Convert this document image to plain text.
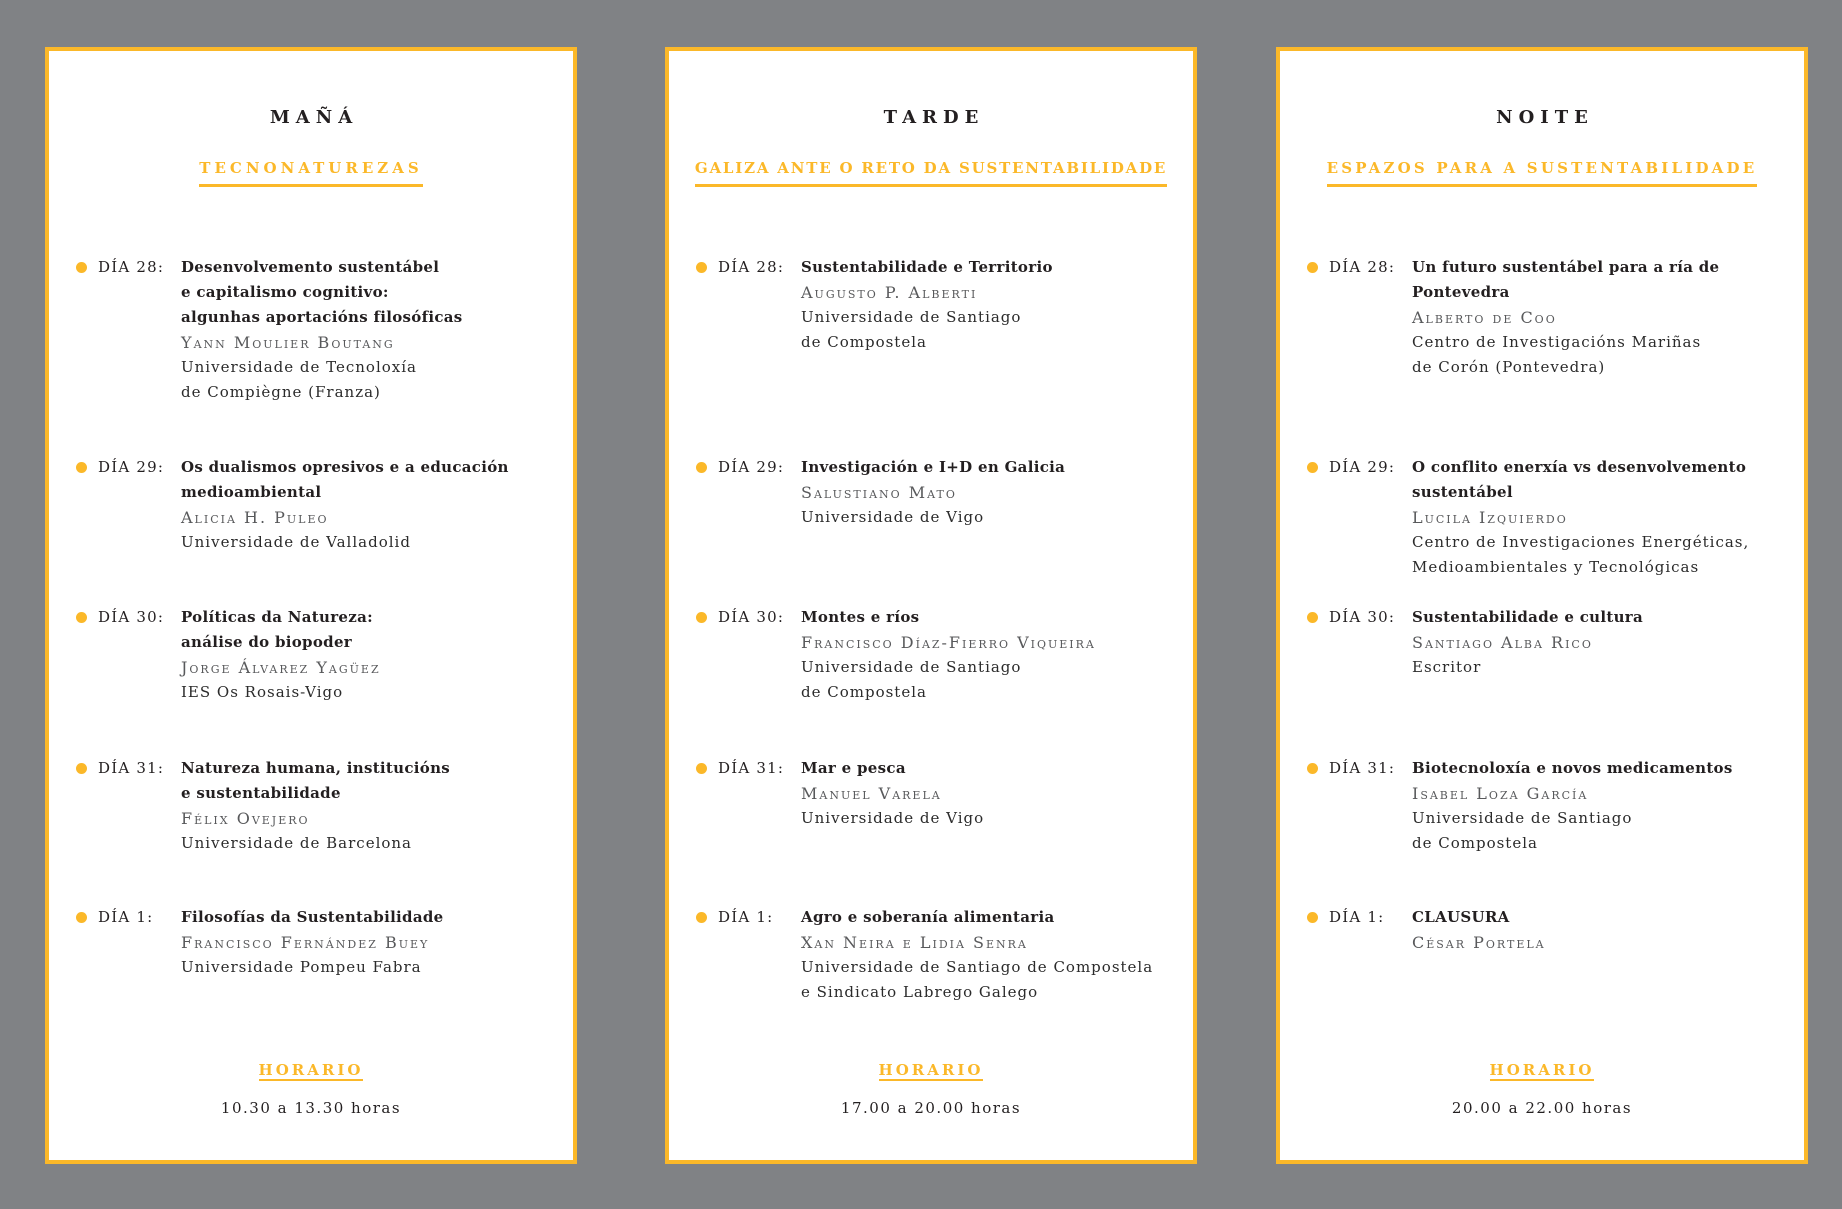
MAÑÁ
TECNONATUREZAS
DÍA 28: Desenvolvemento sustentábel
e capitalismo cognitivo:
algunhas aportacións filosóficas
Yann Moulier Boutang
Universidade de Tecnoloxía
de Compiègne (Franza)
DÍA 29: Os dualismos opresivos e a educación
medioambiental
Alicia H. Puleo
Universidade de Valladolid
DÍA 30: Políticas da Natureza:
análise do biopoder
Jorge Álvarez Yagüez
IES Os Rosais-Vigo
DÍA 31: Natureza humana, institucións
e sustentabilidade
Félix Ovejero
Universidade de Barcelona
DÍA 1: Filosofías da Sustentabilidade
Francisco Fernández Buey
Universidade Pompeu Fabra
HORARIO
10.30 a 13.30 horas
TARDE
GALIZA ANTE O RETO DA SUSTENTABILIDADE
DÍA 28: Sustentabilidade e Territorio
Augusto P. Alberti
Universidade de Santiago
de Compostela
DÍA 29: Investigación e I+D en Galicia
Salustiano Mato
Universidade de Vigo
DÍA 30: Montes e ríos
Francisco Díaz-Fierro Viqueira
Universidade de Santiago
de Compostela
DÍA 31: Mar e pesca
Manuel Varela
Universidade de Vigo
DÍA 1: Agro e soberanía alimentaria
Xan Neira e Lidia Senra
Universidade de Santiago de Compostela
e Sindicato Labrego Galego
HORARIO
17.00 a 20.00 horas
NOITE
ESPAZOS PARA A SUSTENTABILIDADE
DÍA 28: Un futuro sustentábel para a ría de
Pontevedra
Alberto de Coo
Centro de Investigacións Mariñas
de Corón (Pontevedra)
DÍA 29: O conflito enerxía vs desenvolvemento
sustentábel
Lucila Izquierdo
Centro de Investigaciones Energéticas,
Medioambientales y Tecnológicas
DÍA 30: Sustentabilidade e cultura
Santiago Alba Rico
Escritor
DÍA 31: Biotecnoloxía e novos medicamentos
Isabel Loza García
Universidade de Santiago
de Compostela
DÍA 1: CLAUSURA
César Portela
HORARIO
20.00 a 22.00 horas
